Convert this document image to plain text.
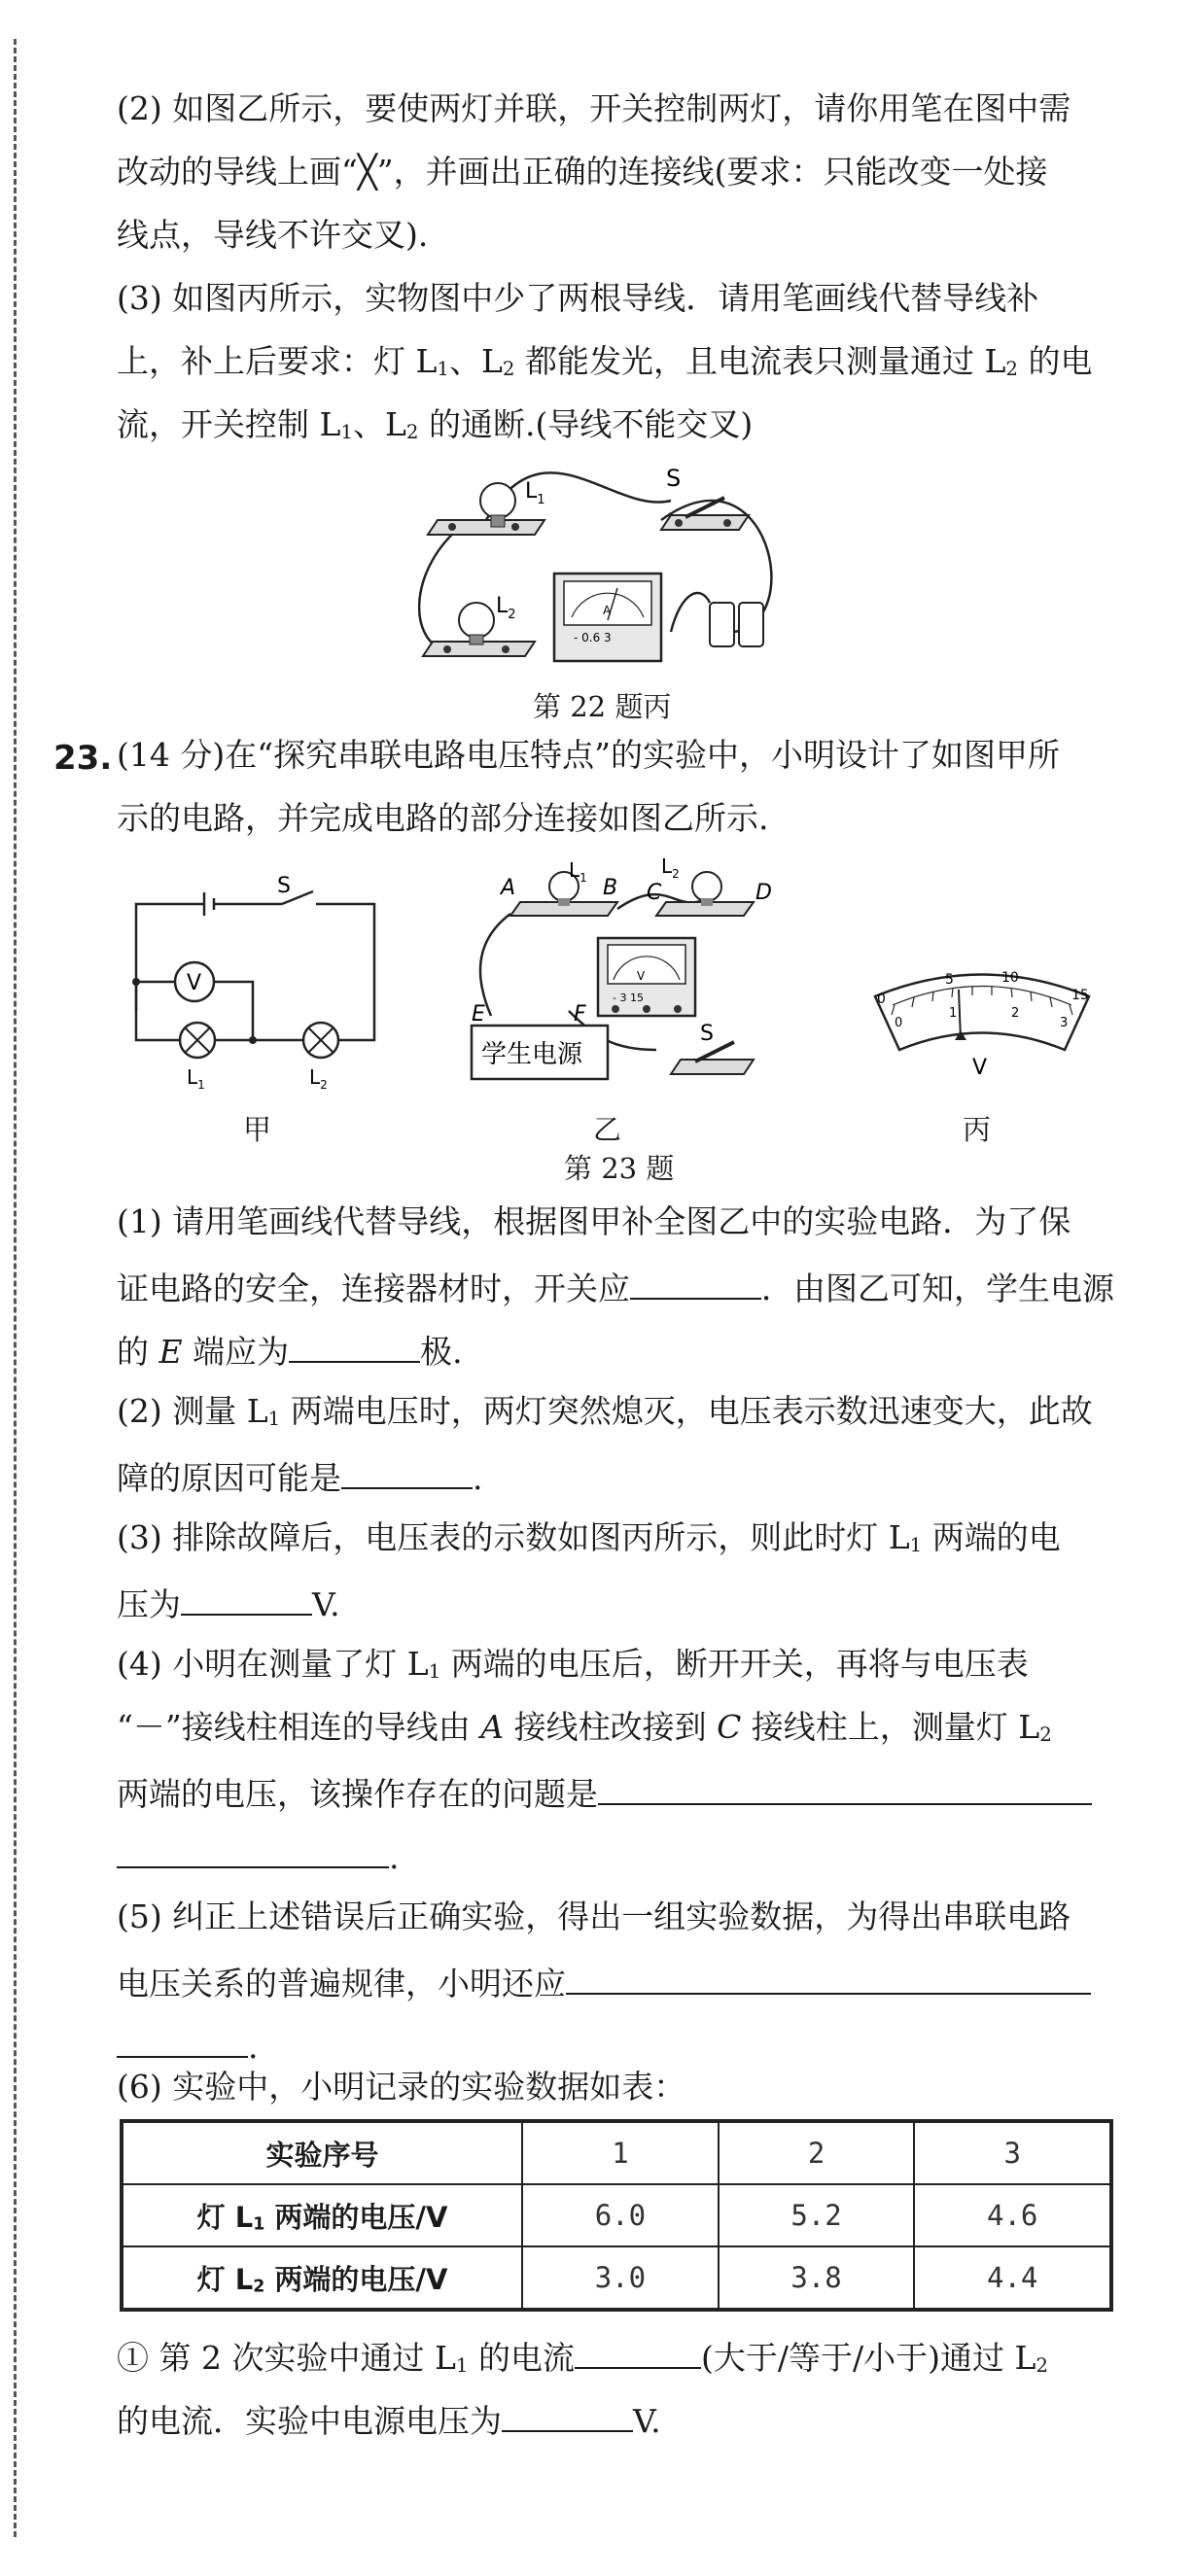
(2) 如图乙所示，要使两灯并联，开关控制两灯，请你用笔在图中需
改动的导线上画“╳”，并画出正确的连接线(要求：只能改变一处接
线点，导线不许交叉).
(3) 如图丙所示，实物图中少了两根导线．请用笔画线代替导线补
上，补上后要求：灯 $L_1$、$L_2$ 都能发光，且电流表只测量通过 $L_2$ 的电
流，开关控制 $L_1$、$L_2$ 的通断.(导线不能交叉)
$L_1$
S
$L_2$	A
- 0.6 3
第 22 题丙
23. (14 分)在“探究串联电路电压特点”的实验中，小明设计了如图甲所
示的电路，并完成电路的部分连接如图乙所示.
V
S
$L_1$	$L_2$
甲
A	B
$L_1$
C	D
$L_2$
V
- 3 15
学生电源
E	F
S
乙
0
5	10
15
0
1	2
3
V
丙
第 23 题
(1) 请用笔画线代替导线，根据图甲补全图乙中的实验电路．为了保
证电路的安全，连接器材时，开关应	．由图乙可知，学生电源
的 E 端应为	极.
(2) 测量 $L_1$ 两端电压时，两灯突然熄灭，电压表示数迅速变大，此故
障的原因可能是	.
(3) 排除故障后，电压表的示数如图丙所示，则此时灯 $L_1$ 两端的电
压为	V.
(4) 小明在测量了灯 $L_1$ 两端的电压后，断开开关，再将与电压表
“－”接线柱相连的导线由 A 接线柱改接到 C 接线柱上，测量灯 $L_2$
两端的电压，该操作存在的问题是
.
(5) 纠正上述错误后正确实验，得出一组实验数据，为得出串联电路
电压关系的普遍规律，小明还应
.
(6) 实验中，小明记录的实验数据如表：
实验序号	1	2	3
灯 $L_1$ 两端的电压/V	6.0	5.2	4.6
灯 $L_2$ 两端的电压/V	3.0	3.8	4.4
① 第 2 次实验中通过 $L_1$ 的电流	(大于/等于/小于)通过 $L_2$
的电流．实验中电源电压为	V.
